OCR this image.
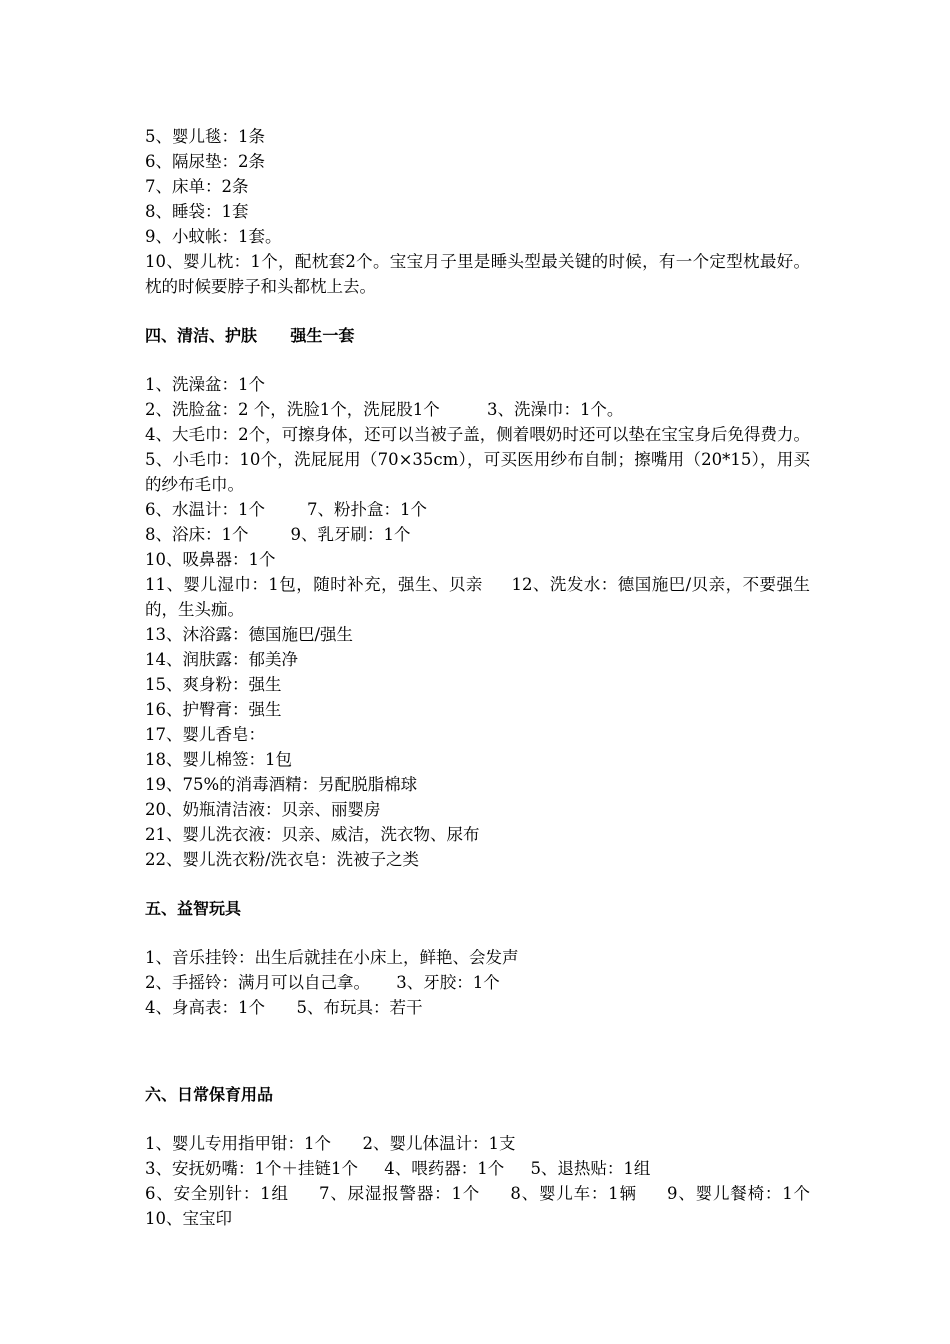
5、婴儿毯：1条
6、隔尿垫：2条
7、床单：2条
8、睡袋：1套
9、小蚊帐：1套。
10、婴儿枕：1个，配枕套2个。宝宝月子里是睡头型最关键的时候，有一个定型枕最好。枕的时候要脖子和头都枕上去。
四、清洁、护肤      强生一套
1、洗澡盆：1个
2、洗脸盆：2 个，洗脸1个，洗屁股1个         3、洗澡巾：1个。
4、大毛巾：2个，可擦身体，还可以当被子盖，侧着喂奶时还可以垫在宝宝身后免得费力。        5、小毛巾：10个，洗屁屁用（70×35cm），可买医用纱布自制；擦嘴用（20*15），用买的纱布毛巾。
6、水温计：1个        7、粉扑盒：1个
8、浴床：1个        9、乳牙刷：1个
10、吸鼻器：1个
11、婴儿湿巾：1包，随时补充，强生、贝亲     12、洗发水：德国施巴/贝亲，不要强生的，生头痂。
13、沐浴露：德国施巴/强生
14、润肤露：郁美净
15、爽身粉：强生
16、护臀膏：强生
17、婴儿香皂：
18、婴儿棉签：1包
19、75%的消毒酒精：另配脱脂棉球
20、奶瓶清洁液：贝亲、丽婴房
21、婴儿洗衣液：贝亲、威洁，洗衣物、尿布
22、婴儿洗衣粉/洗衣皂：洗被子之类
五、益智玩具
1、音乐挂铃：出生后就挂在小床上，鲜艳、会发声
2、手摇铃：满月可以自己拿。     3、牙胶：1个
4、身高表：1个      5、布玩具：若干
六、日常保育用品
1、婴儿专用指甲钳：1个      2、婴儿体温计：1支
3、安抚奶嘴：1个＋挂链1个     4、喂药器：1个     5、退热贴：1组
6、安全别针：1组     7、尿湿报警器：1个     8、婴儿车：1辆     9、婴儿餐椅：1个     10、宝宝印
